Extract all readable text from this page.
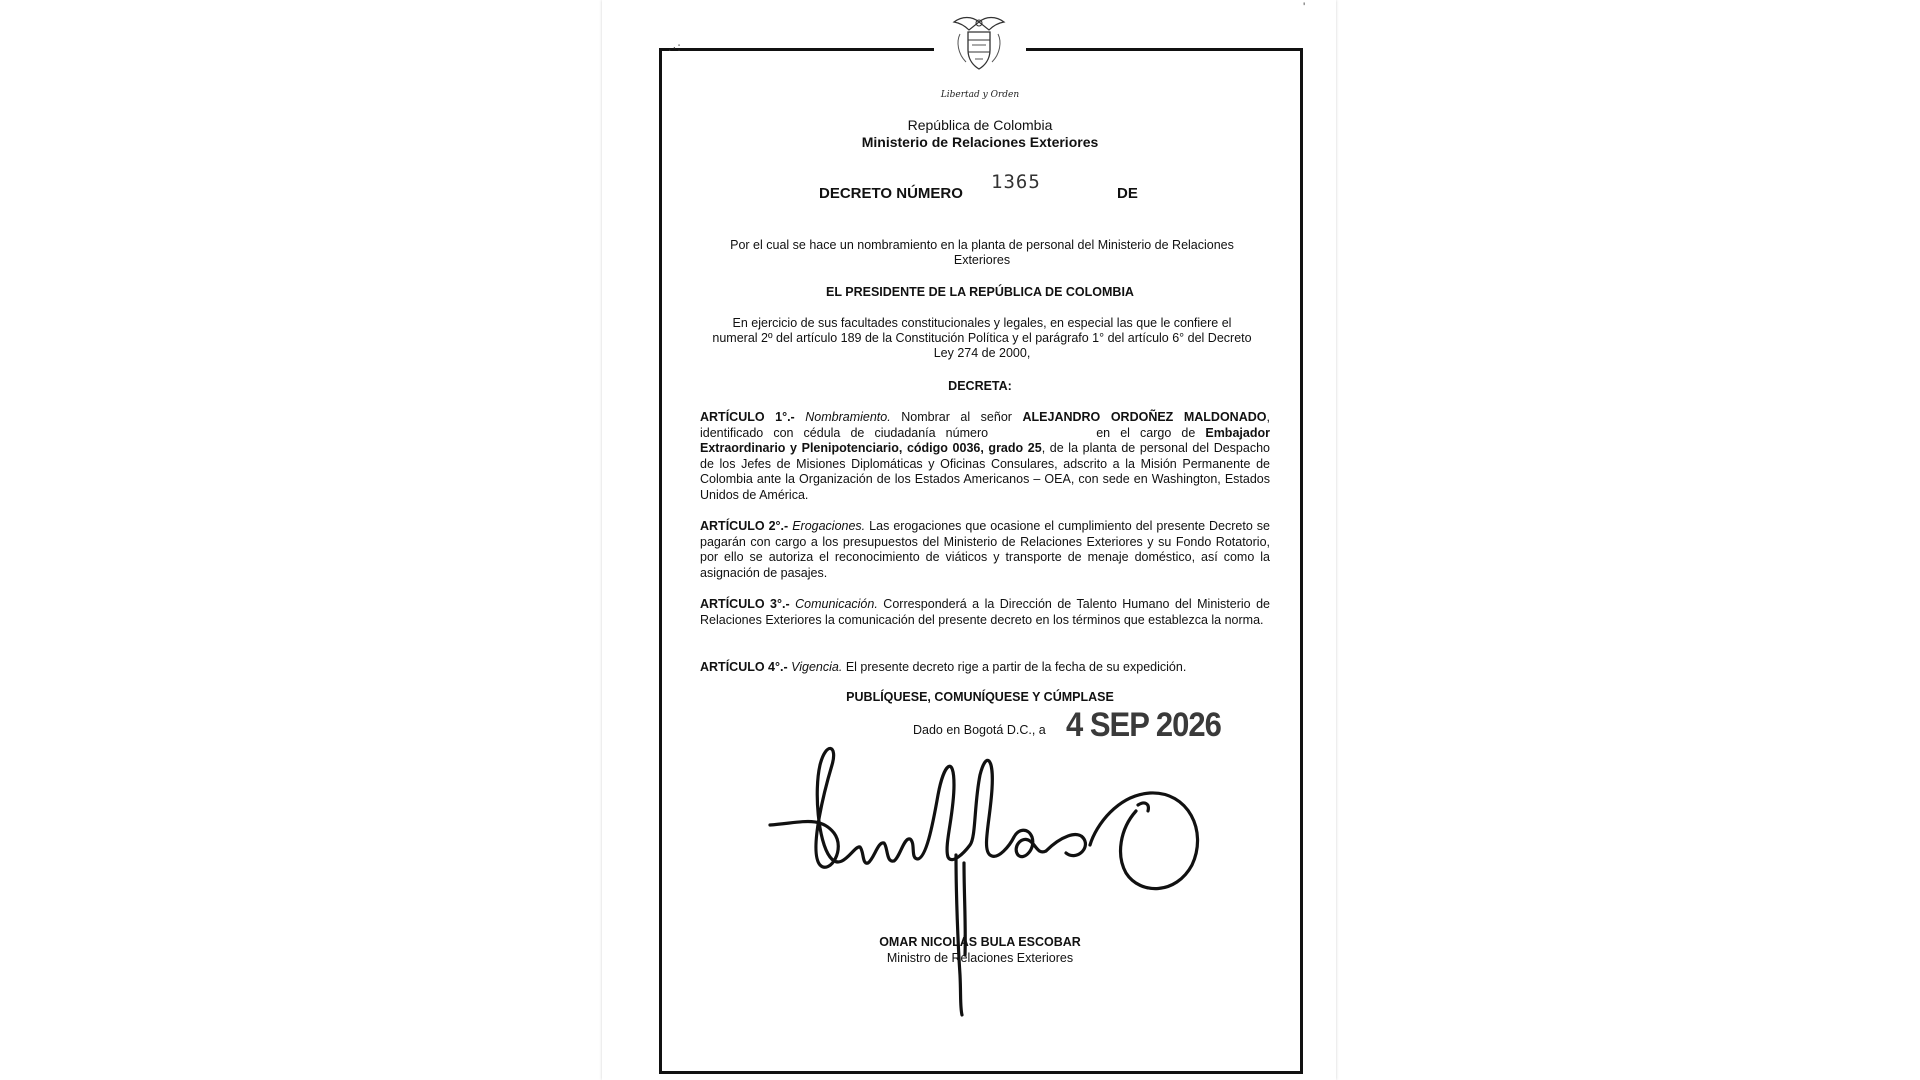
.·:
'
Libertad y Orden
República de Colombia
Ministerio de Relaciones Exteriores
DECRETO NÚMERO
1365
DE
Por el cual se hace un nombramiento en la planta de personal del Ministerio de Relaciones Exteriores
EL PRESIDENTE DE LA REPÚBLICA DE COLOMBIA
En ejercicio de sus facultades constitucionales y legales, en especial las que le confiere el numeral 2º del artículo 189 de la Constitución Política y el parágrafo 1° del artículo 6° del Decreto Ley 274 de 2000,
DECRETA:
ARTÍCULO 1°.- Nombramiento. Nombrar al señor ALEJANDRO ORDOÑEZ MALDONADO, identificado con cédula de ciudadanía número	en el cargo de Embajador Extraordinario y Plenipotenciario, código 0036, grado 25, de la planta de personal del Despacho de los Jefes de Misiones Diplomáticas y Oficinas Consulares, adscrito a la Misión Permanente de Colombia ante la Organización de los Estados Americanos – OEA, con sede en Washington, Estados Unidos de América.
ARTÍCULO 2°.- Erogaciones. Las erogaciones que ocasione el cumplimiento del presente Decreto se pagarán con cargo a los presupuestos del Ministerio de Relaciones Exteriores y su Fondo Rotatorio, por ello se autoriza el reconocimiento de viáticos y transporte de menaje doméstico, así como la asignación de pasajes.
ARTÍCULO 3°.- Comunicación. Corresponderá a la Dirección de Talento Humano del Ministerio de Relaciones Exteriores la comunicación del presente decreto en los términos que establezca la norma.
ARTÍCULO 4°.- Vigencia. El presente decreto rige a partir de la fecha de su expedición.
PUBLÍQUESE, COMUNÍQUESE Y CÚMPLASE
Dado en Bogotá D.C., a 4 SEP 2026
OMAR NICOLÁS BULA ESCOBAR
Ministro de Relaciones Exteriores
